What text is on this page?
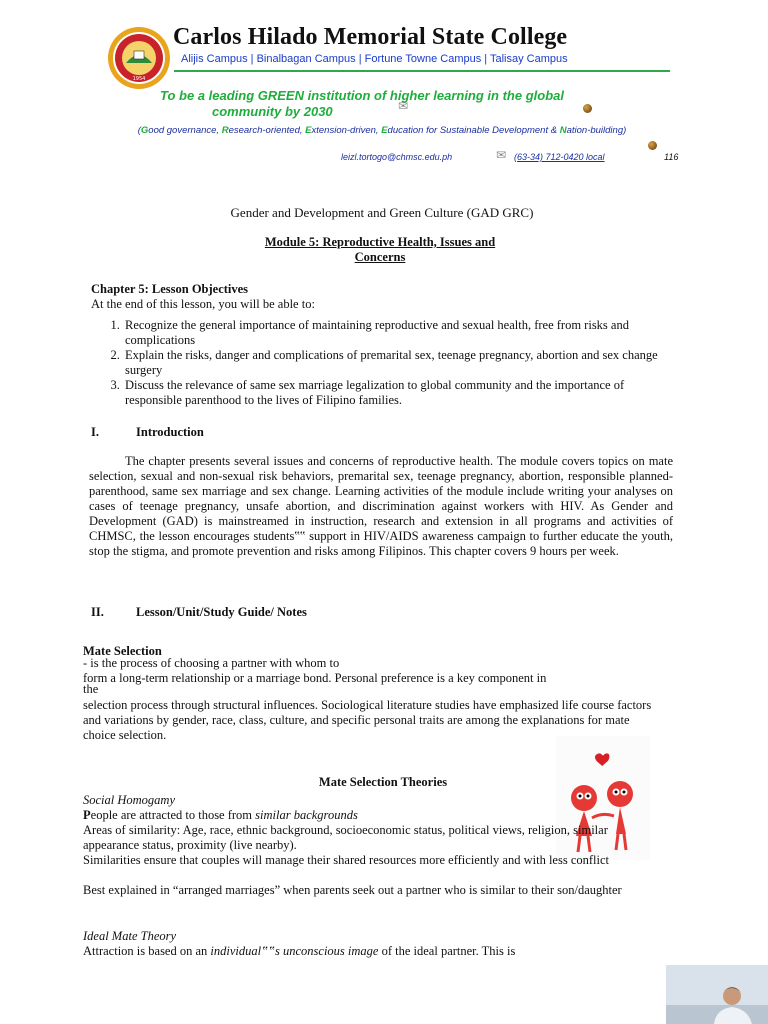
1954
Carlos Hilado Memorial State College
Alijis Campus | Binalbagan Campus | Fortune Towne Campus | Talisay Campus
To be a leading GREEN institution of higher learning in the global
community by 2030	✉
(Good governance, Research-oriented, Extension-driven, Education for Sustainable Development & Nation-building)
leizl.tortogo@chmsc.edu.ph	✉ (63-34) 712-0420 local	116
Gender and Development and Green Culture (GAD GRC)
Module 5: Reproductive Health, Issues and
Concerns
Chapter 5: Lesson Objectives
At the end of this lesson, you will be able to:
1. Recognize the general importance of maintaining reproductive and sexual health, free from risks and complications
2. Explain the risks, danger and complications of premarital sex, teenage pregnancy, abortion and sex change surgery
3. Discuss the relevance of same sex marriage legalization to global community and the importance of responsible parenthood to the lives of Filipino families.
I.	Introduction
The chapter presents several issues and concerns of reproductive health. The module covers topics on mate selection, sexual and non-sexual risk behaviors, premarital sex, teenage pregnancy, abortion, responsible planned- parenthood, same sex marriage and sex change. Learning activities of the module include writing your analyses on cases of teenage pregnancy, unsafe abortion, and discrimination against workers with HIV. As Gender and Development (GAD) is mainstreamed in instruction, research and extension in all programs and activities of CHMSC, the lesson encourages students‟‟ support in HIV/AIDS awareness campaign to further educate the youth, stop the stigma, and promote prevention and risks among Filipinos. This chapter covers 9 hours per week.
II.	Lesson/Unit/Study Guide/ Notes
Mate Selection
- is the process of choosing a partner with whom to
form a long-term relationship or a marriage bond. Personal preference is a key component in
the
selection process through structural influences. Sociological literature studies have emphasized life course factors and variations by gender, race, class, culture, and specific personal traits are among the explanations for mate choice selection.
Mate Selection Theories
Social Homogamy
People are attracted to those from similar backgrounds
Areas of similarity: Age, race, ethnic background, socioeconomic status, political views, religion, similar appearance status, proximity (live nearby).
Similarities ensure that couples will manage their shared resources more efficiently and with less conflict
Best explained in “arranged marriages” when parents seek out a partner who is similar to their son/daughter
Ideal Mate Theory
Attraction is based on an individual‟‟s unconscious image of the ideal partner. This is
